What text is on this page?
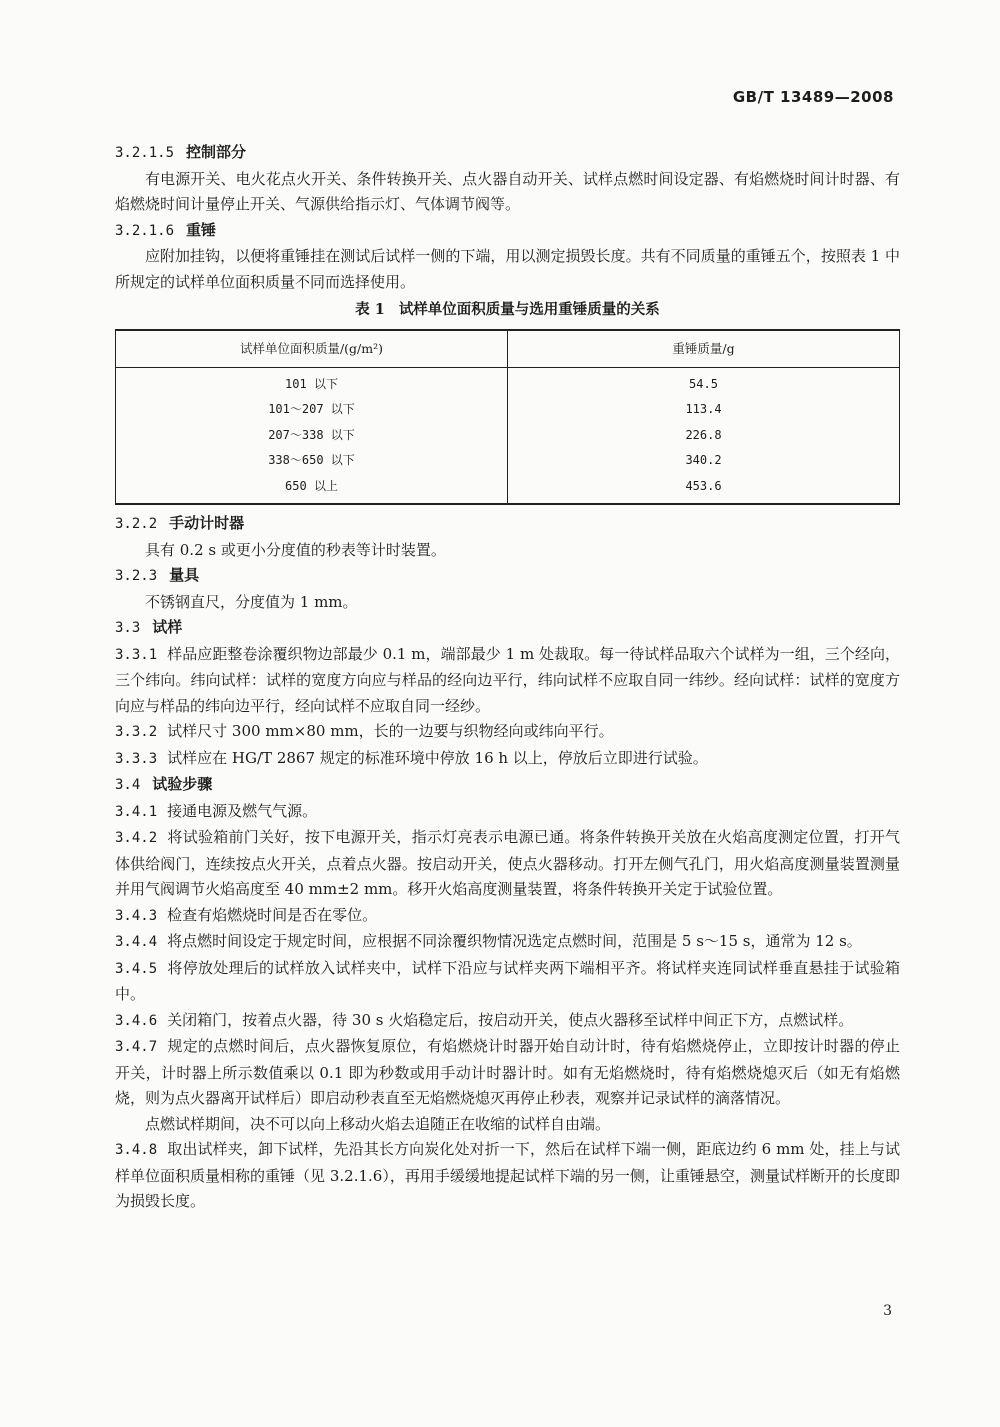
GB/T 13489—2008

3.2.1.5 控制部分

有电源开关、电火花点火开关、条件转换开关、点火器自动开关、试样点燃时间设定器、有焰燃烧时间计时器、有焰燃烧时间计量停止开关、气源供给指示灯、气体调节阀等。

3.2.1.6 重锤

应附加挂钩，以便将重锤挂在测试后试样一侧的下端，用以测定损毁长度。共有不同质量的重锤五个，按照表 1 中所规定的试样单位面积质量不同而选择使用。

表 1 试样单位面积质量与选用重锤质量的关系
试样单位面积质量/(g/m²)	重锤质量/g
101 以下	54.5
101～207 以下	113.4
207～338 以下	226.8
338～650 以下	340.2
650 以上	453.6

3.2.2 手动计时器

具有 0.2 s 或更小分度值的秒表等计时装置。

3.2.3 量具

不锈钢直尺，分度值为 1 mm。

3.3 试样

3.3.1 样品应距整卷涂覆织物边部最少 0.1 m，端部最少 1 m 处裁取。每一待试样品取六个试样为一组，三个经向，三个纬向。纬向试样：试样的宽度方向应与样品的经向边平行，纬向试样不应取自同一纬纱。经向试样：试样的宽度方向应与样品的纬向边平行，经向试样不应取自同一经纱。

3.3.2 试样尺寸 300 mm×80 mm，长的一边要与织物经向或纬向平行。

3.3.3 试样应在 HG/T 2867 规定的标准环境中停放 16 h 以上，停放后立即进行试验。

3.4 试验步骤

3.4.1 接通电源及燃气气源。

3.4.2 将试验箱前门关好，按下电源开关，指示灯亮表示电源已通。将条件转换开关放在火焰高度测定位置，打开气体供给阀门，连续按点火开关，点着点火器。按启动开关，使点火器移动。打开左侧气孔门，用火焰高度测量装置测量并用气阀调节火焰高度至 40 mm±2 mm。移开火焰高度测量装置，将条件转换开关定于试验位置。

3.4.3 检查有焰燃烧时间是否在零位。

3.4.4 将点燃时间设定于规定时间，应根据不同涂覆织物情况选定点燃时间，范围是 5 s～15 s，通常为 12 s。

3.4.5 将停放处理后的试样放入试样夹中，试样下沿应与试样夹两下端相平齐。将试样夹连同试样垂直悬挂于试验箱中。

3.4.6 关闭箱门，按着点火器，待 30 s 火焰稳定后，按启动开关，使点火器移至试样中间正下方，点燃试样。

3.4.7 规定的点燃时间后，点火器恢复原位，有焰燃烧计时器开始自动计时，待有焰燃烧停止，立即按计时器的停止开关，计时器上所示数值乘以 0.1 即为秒数或用手动计时器计时。如有无焰燃烧时，待有焰燃烧熄灭后（如无有焰燃烧，则为点火器离开试样后）即启动秒表直至无焰燃烧熄灭再停止秒表，观察并记录试样的滴落情况。

点燃试样期间，决不可以向上移动火焰去追随正在收缩的试样自由端。

3.4.8 取出试样夹，卸下试样，先沿其长方向炭化处对折一下，然后在试样下端一侧，距底边约 6 mm 处，挂上与试样单位面积质量相称的重锤（见 3.2.1.6），再用手缓缓地提起试样下端的另一侧，让重锤悬空，测量试样断开的长度即为损毁长度。

3
